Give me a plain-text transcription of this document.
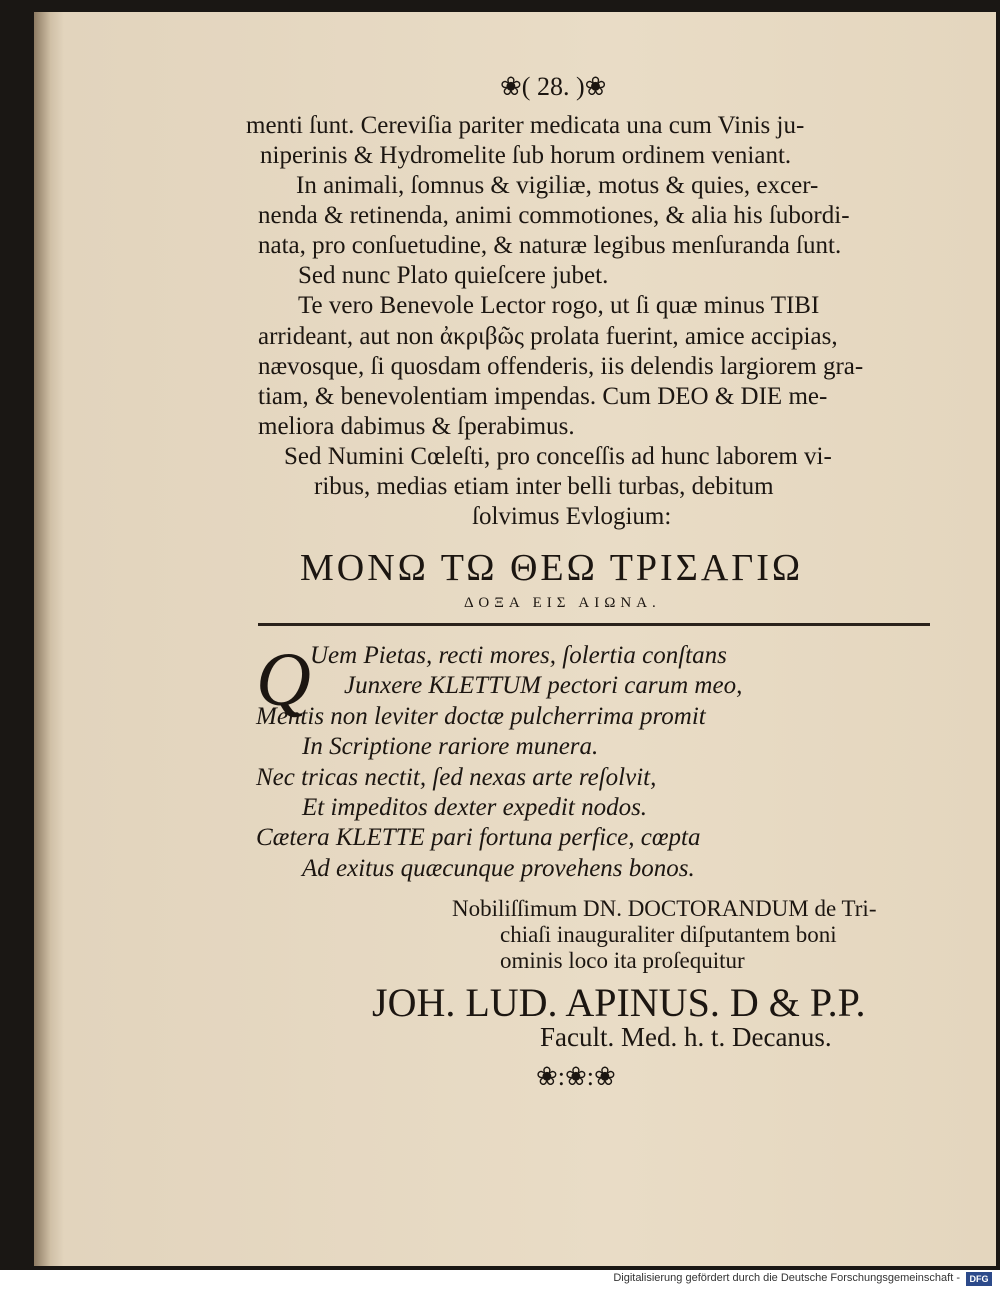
❀( 28. )❀
menti ſunt. Cereviſia pariter medicata una cum Vinis ju-
niperinis & Hydromelite ſub horum ordinem veniant.
In animali, ſomnus & vigiliæ, motus & quies, excer-
nenda & retinenda, animi commotiones, & alia his ſubordi-
nata, pro conſuetudine, & naturæ legibus menſuranda ſunt.
Sed nunc Plato quieſcere jubet.
Te vero Benevole Lector rogo, ut ſi quæ minus TIBI
arrideant, aut non ἀκριβῶς prolata fuerint, amice accipias,
nævosque, ſi quosdam offenderis, iis delendis largiorem gra-
tiam, & benevolentiam impendas. Cum DEO & DIE me-
meliora dabimus & ſperabimus.
Sed Numini Cœleſti, pro conceſſis ad hunc laborem vi-
ribus, medias etiam inter belli turbas, debitum
ſolvimus Evlogium:
ΜΟΝΩ ΤΩ ΘΕΩ ΤΡΙΣΑΓΙΩ
ΔΟΞΑ ΕΙΣ ΑΙΩΝΑ.
Q Uem Pietas, recti mores, ſolertia conſtans
Junxere KLETTUM pectori carum meo,
Mentis non leviter doctæ pulcherrima promit
In Scriptione rariore munera.
Nec tricas nectit, ſed nexas arte reſolvit,
Et impeditos dexter expedit nodos.
Cætera KLETTE pari fortuna perfice, cœpta
Ad exitus quæcunque provehens bonos.
Nobiliſſimum DN. DOCTORANDUM de Tri-
chiaſi inauguraliter diſputantem boni
ominis loco ita proſequitur
JOH. LUD. APINUS. D & P.P.
Facult. Med. h. t. Decanus.
❀:❀:❀
Digitalisierung gefördert durch die Deutsche Forschungsgemeinschaft -	DFG
